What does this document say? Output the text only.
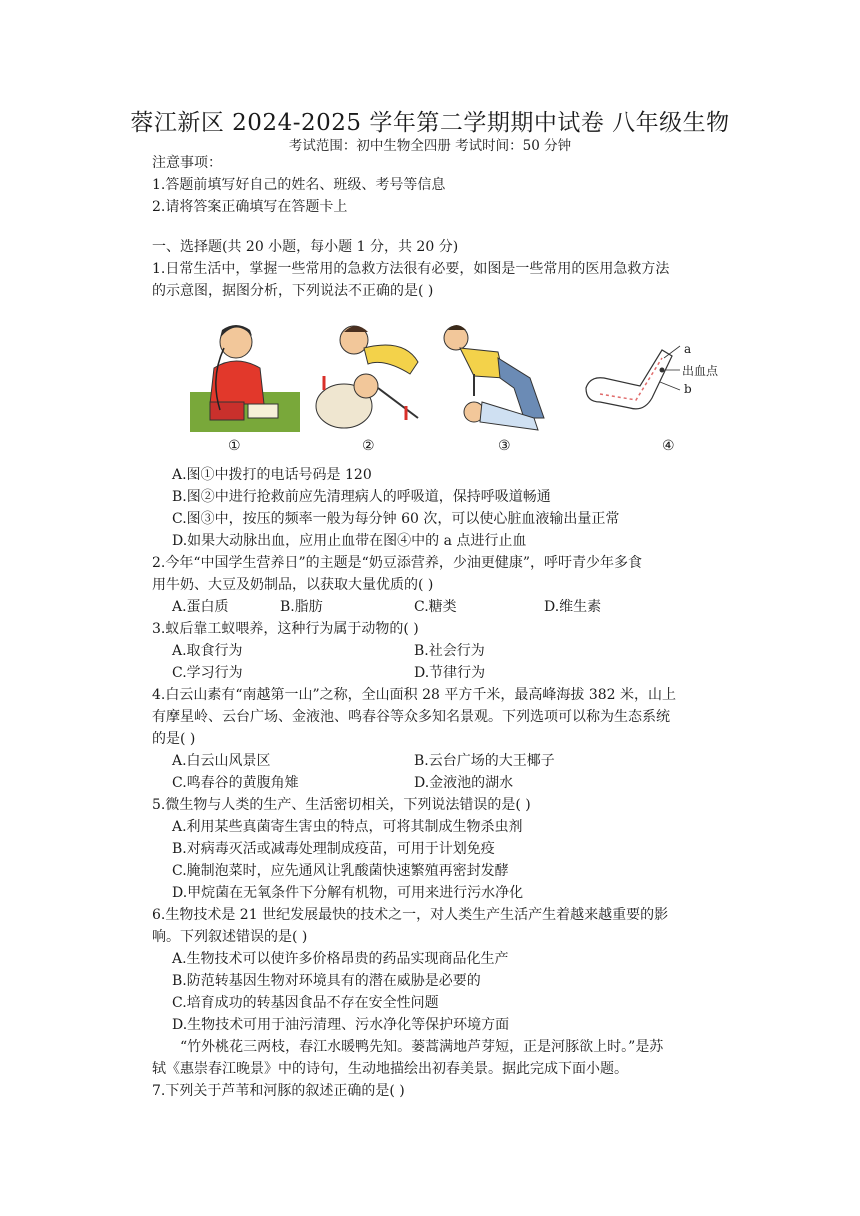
蓉江新区 2024-2025 学年第二学期期中试卷 八年级生物
考试范围：初中生物全四册 考试时间：50 分钟
注意事项：
1.答题前填写好自己的姓名、班级、考号等信息
2.请将答案正确填写在答题卡上
一、选择题(共 20 小题，每小题 1 分，共 20 分)
1.日常生活中，掌握一些常用的急救方法很有必要，如图是一些常用的医用急救方法
的示意图，据图分析，下列说法不正确的是( )
①	②	③
a
出血点
b
④
A.图①中拨打的电话号码是 120
B.图②中进行抢救前应先清理病人的呼吸道，保持呼吸道畅通
C.图③中，按压的频率一般为每分钟 60 次，可以使心脏血液输出量正常
D.如果大动脉出血，应用止血带在图④中的 a 点进行止血
2.今年“中国学生营养日”的主题是“奶豆添营养，少油更健康”，呼吁青少年多食
用牛奶、大豆及奶制品，以获取大量优质的( )
A.蛋白质	B.脂肪	C.糖类	D.维生素
3.蚁后靠工蚁喂养，这种行为属于动物的( )
A.取食行为	B.社会行为
C.学习行为	D.节律行为
4.白云山素有“南越第一山”之称，全山面积 28 平方千米，最高峰海拔 382 米，山上
有摩星岭、云台广场、金液池、鸣春谷等众多知名景观。下列选项可以称为生态系统
的是( )
A.白云山风景区	B.云台广场的大王椰子
C.鸣春谷的黄腹角雉	D.金液池的湖水
5.微生物与人类的生产、生活密切相关，下列说法错误的是( )
A.利用某些真菌寄生害虫的特点，可将其制成生物杀虫剂
B.对病毒灭活或减毒处理制成疫苗，可用于计划免疫
C.腌制泡菜时，应先通风让乳酸菌快速繁殖再密封发酵
D.甲烷菌在无氧条件下分解有机物，可用来进行污水净化
6.生物技术是 21 世纪发展最快的技术之一，对人类生产生活产生着越来越重要的影
响。下列叙述错误的是( )
A.生物技术可以使许多价格昂贵的药品实现商品化生产
B.防范转基因生物对环境具有的潜在威胁是必要的
C.培育成功的转基因食品不存在安全性问题
D.生物技术可用于油污清理、污水净化等保护环境方面
“竹外桃花三两枝，春江水暖鸭先知。蒌蒿满地芦芽短，正是河豚欲上时。”是苏
轼《惠崇春江晚景》中的诗句，生动地描绘出初春美景。据此完成下面小题。
7.下列关于芦苇和河豚的叙述正确的是( )
